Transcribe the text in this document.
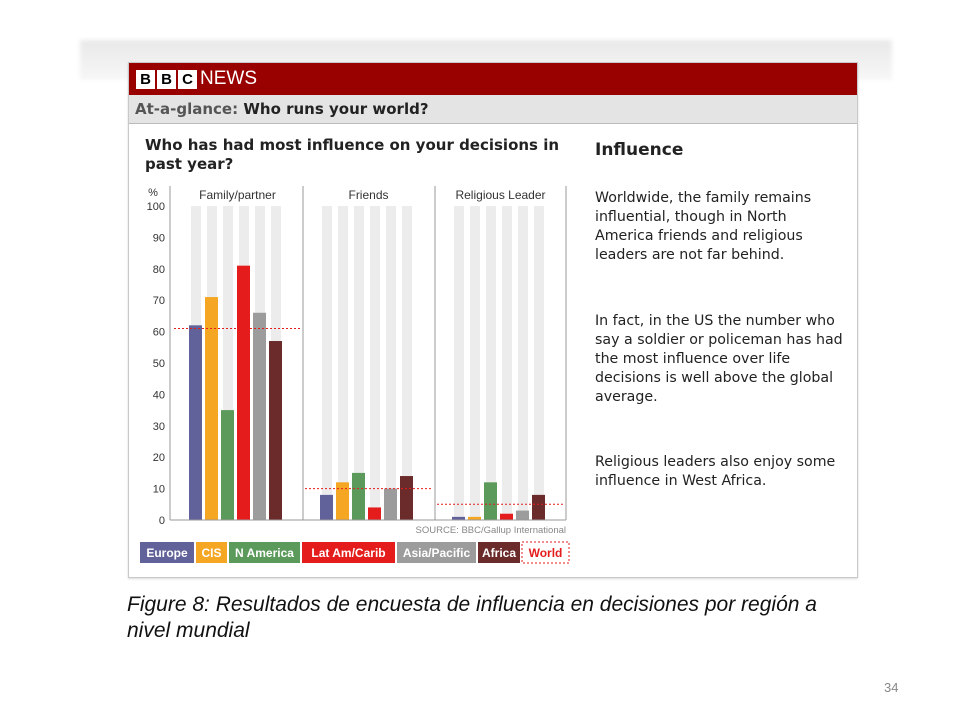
B B C NEWS
At-a-glance: Who runs your world?
Who has had most influence on your decisions in past year?
Influence
Worldwide, the family remains influential, though in North America friends and religious leaders are not far behind.
In fact, in the US the number who say a soldier or policeman has had the most influence over life decisions is well above the global average.
Religious leaders also enjoy some influence in West Africa.
0
10
20
30
40
50
60
70
80
90
100
%	Family/partner	Friends	Religious Leader
SOURCE: BBC/Gallup International
Europe CIS N America Lat Am/Carib Asia/Pacific Africa World
Figure 8: Resultados de encuesta de influencia en decisiones por región a nivel mundial
34
